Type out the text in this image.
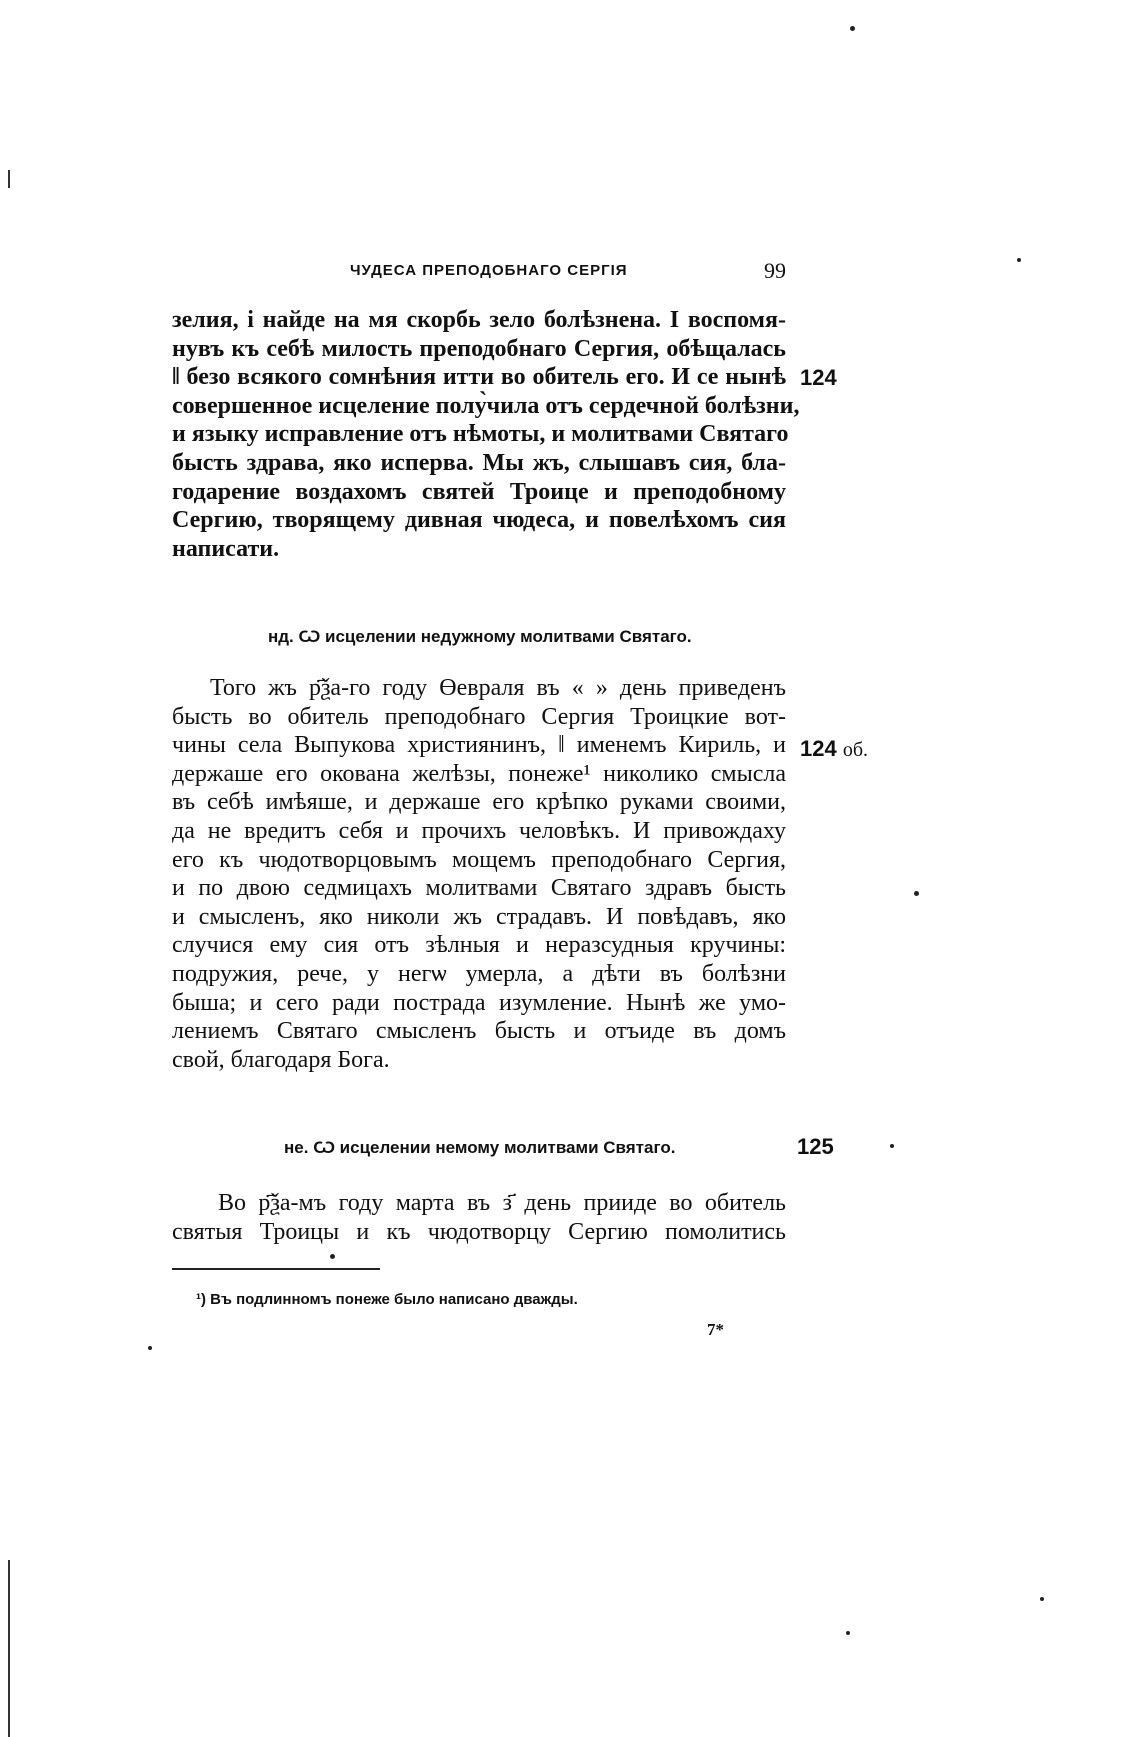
ЧУДЕСА ПРЕПОДОБНАГО СЕРГІЯ	99
зелия, і найде на мя скорбь зело болѣзнена. І воспомя-
нувъ къ себѣ милость преподобнаго Сергия, обѣщалась
‖ безо всякого сомнѣния итти во обитель его. И се нынѣ
совершенное исцеление полу̀чила отъ сердечной болѣзни,
и языку исправление отъ нѣмоты, и молитвами Святаго
бысть здрава, яко исперва. Мы жъ, слышавъ сия, бла-
годарение воздахомъ святей Троице и преподобному
Сергию, творящему дивная чюдеса, и повелѣхомъ сия
написати.
124
нд. Ѡ исцелении недужному молитвами Святаго.
Того жъ р҃ѯа-го году Өевраля въ « » день приведенъ
бысть во обитель преподобнаго Сергия Троицкие вот-
чины села Выпукова християнинъ, ‖ именемъ Кириль, и
держаше его окована желѣзы, понеже¹ николико смысла
въ себѣ имѣяше, и держаше его крѣпко руками своими,
да не вредитъ себя и прочихъ человѣкъ. И привождаху
его къ чюдотворцовымъ мощемъ преподобнаго Сергия,
и по двою седмицахъ молитвами Святаго здравъ бысть
и смысленъ, яко николи жъ страдавъ. И повѣдавъ, яко
случися ему сия отъ зѣлныя и неразсудныя кручины:
подружия, рече, у негѡ умерла, а дѣти въ болѣзни
быша; и сего ради пострада изумление. Нынѣ же умо-
лениемъ Святаго смысленъ бысть и отъиде въ домъ
свой, благодаря Бога.
124 об.
не. Ѡ исцелении немому молитвами Святаго.	125
Во р҃ѯа-мъ году марта въ з҃ день прииде во обитель
святыя Троицы и къ чюдотворцу Сергию помолитись
¹) Въ подлинномъ понеже было написано дважды.
7*
